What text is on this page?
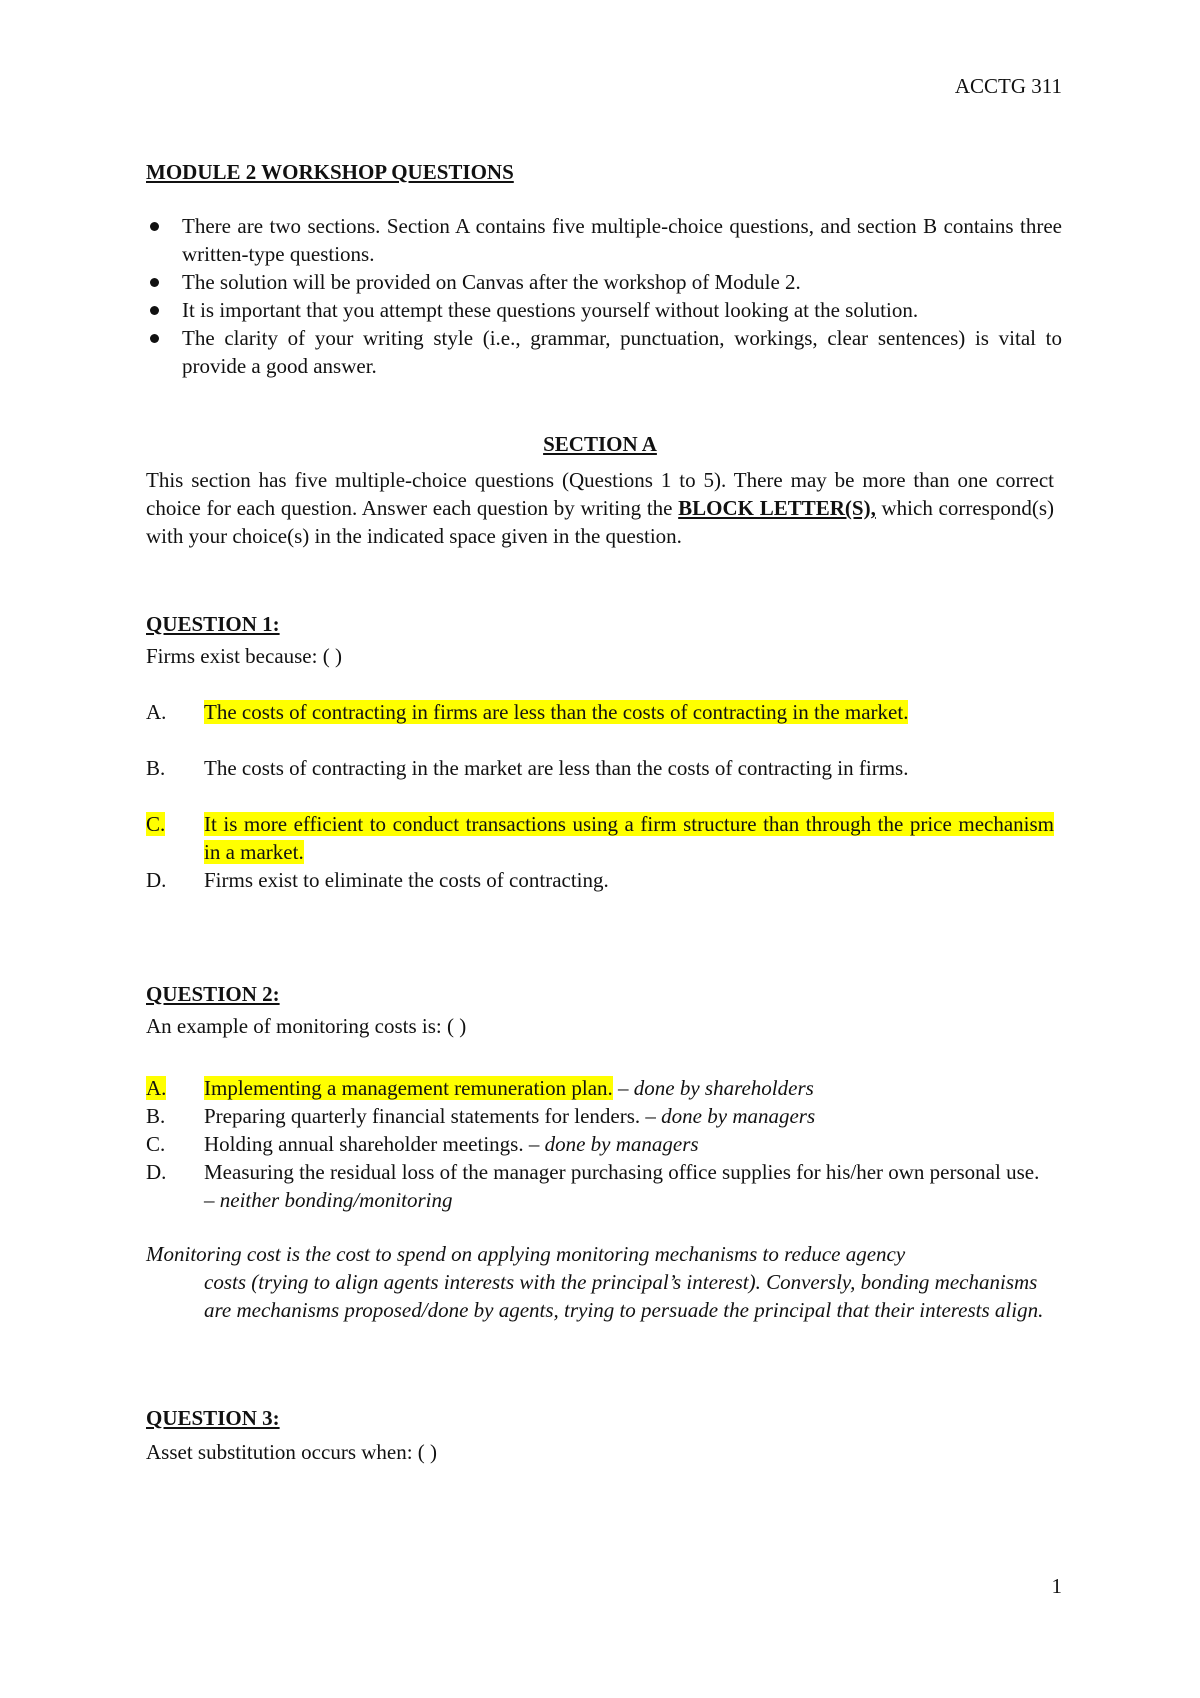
ACCTG 311
MODULE 2 WORKSHOP QUESTIONS
There are two sections. Section A contains five multiple-choice questions, and section B contains three written-type questions.
The solution will be provided on Canvas after the workshop of Module 2.
It is important that you attempt these questions yourself without looking at the solution.
The clarity of your writing style (i.e., grammar, punctuation, workings, clear sentences) is vital to provide a good answer.
SECTION A
This section has five multiple-choice questions (Questions 1 to 5). There may be more than one correct choice for each question. Answer each question by writing the BLOCK LETTER(S), which correspond(s) with your choice(s) in the indicated space given in the question.
QUESTION 1:
Firms exist because: ( )
A. The costs of contracting in firms are less than the costs of contracting in the market.
B. The costs of contracting in the market are less than the costs of contracting in firms.
C. It is more efficient to conduct transactions using a firm structure than through the price mechanism in a market.
D. Firms exist to eliminate the costs of contracting.
QUESTION 2:
An example of monitoring costs is: ( )
A. Implementing a management remuneration plan. – done by shareholders
B. Preparing quarterly financial statements for lenders. – done by managers
C. Holding annual shareholder meetings. – done by managers
D. Measuring the residual loss of the manager purchasing office supplies for his/her own personal use. – neither bonding/monitoring
Monitoring cost is the cost to spend on applying monitoring mechanisms to reduce agency
costs (trying to align agents interests with the principal’s interest). Conversly, bonding mechanisms are mechanisms proposed/done by agents, trying to persuade the principal that their interests align.
QUESTION 3:
Asset substitution occurs when: ( )
1
